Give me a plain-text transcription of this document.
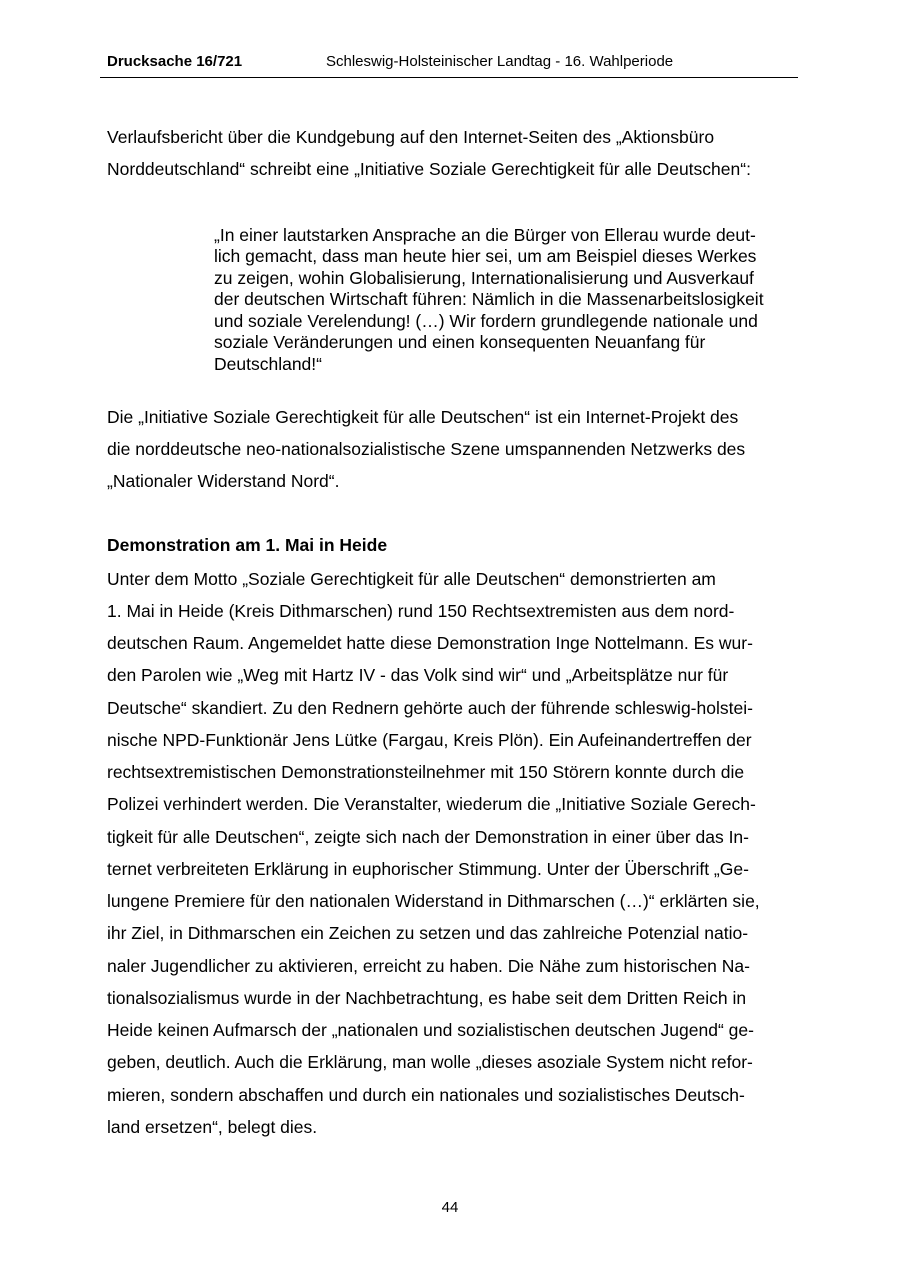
Drucksache 16/721	Schleswig-Holsteinischer Landtag - 16. Wahlperiode
Verlaufsbericht über die Kundgebung auf den Internet-Seiten des „Aktionsbüro
Norddeutschland“ schreibt eine „Initiative Soziale Gerechtigkeit für alle Deutschen“:
„In einer lautstarken Ansprache an die Bürger von Ellerau wurde deut-
lich gemacht, dass man heute hier sei, um am Beispiel dieses Werkes
zu zeigen, wohin Globalisierung, Internationalisierung und Ausverkauf
der deutschen Wirtschaft führen: Nämlich in die Massenarbeitslosigkeit
und soziale Verelendung! (…) Wir fordern grundlegende nationale und
soziale Veränderungen und einen konsequenten Neuanfang für
Deutschland!“
Die „Initiative Soziale Gerechtigkeit für alle Deutschen“ ist ein Internet-Projekt des
die norddeutsche neo-nationalsozialistische Szene umspannenden Netzwerks des
„Nationaler Widerstand Nord“.
Demonstration am 1. Mai in Heide
Unter dem Motto „Soziale Gerechtigkeit für alle Deutschen“ demonstrierten am
1. Mai in Heide (Kreis Dithmarschen) rund 150 Rechtsextremisten aus dem nord-
deutschen Raum. Angemeldet hatte diese Demonstration Inge Nottelmann. Es wur-
den Parolen wie „Weg mit Hartz IV - das Volk sind wir“ und „Arbeitsplätze nur für
Deutsche“ skandiert. Zu den Rednern gehörte auch der führende schleswig-holstei-
nische NPD-Funktionär Jens Lütke (Fargau, Kreis Plön). Ein Aufeinandertreffen der
rechtsextremistischen Demonstrationsteilnehmer mit 150 Störern konnte durch die
Polizei verhindert werden. Die Veranstalter, wiederum die „Initiative Soziale Gerech-
tigkeit für alle Deutschen“, zeigte sich nach der Demonstration in einer über das In-
ternet verbreiteten Erklärung in euphorischer Stimmung. Unter der Überschrift „Ge-
lungene Premiere für den nationalen Widerstand in Dithmarschen (…)“ erklärten sie,
ihr Ziel, in Dithmarschen ein Zeichen zu setzen und das zahlreiche Potenzial natio-
naler Jugendlicher zu aktivieren, erreicht zu haben. Die Nähe zum historischen Na-
tionalsozialismus wurde in der Nachbetrachtung, es habe seit dem Dritten Reich in
Heide keinen Aufmarsch der „nationalen und sozialistischen deutschen Jugend“ ge-
geben, deutlich. Auch die Erklärung, man wolle „dieses asoziale System nicht refor-
mieren, sondern abschaffen und durch ein nationales und sozialistisches Deutsch-
land ersetzen“, belegt dies.
44
